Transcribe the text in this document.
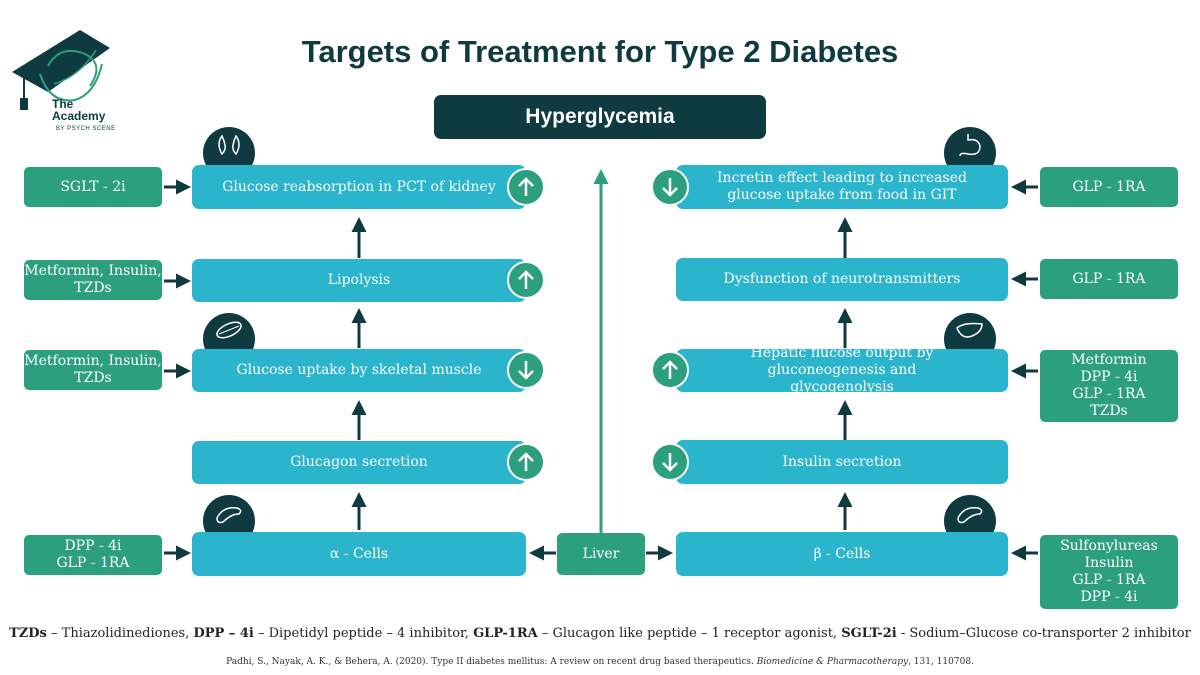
The
Academy
BY PSYCH SCENE
Targets of Treatment for Type 2 Diabetes
Hyperglycemia
Glucose reabsorption in PCT of kidney
Lipolysis
Glucose uptake by skeletal muscle
Glucagon secretion
α - Cells
Incretin effect leading to increased glucose uptake from food in GIT
Dysfunction of neurotransmitters
Hepatic flucose output by gluconeogenesis and glycogenolysis
Insulin secretion
β - Cells
Liver
SGLT - 2i
Metformin, Insulin, TZDs
Metformin, Insulin, TZDs
DPP - 4i
GLP - 1RA
GLP - 1RA
GLP - 1RA
Metformin
DPP - 4i
GLP - 1RA
TZDs
Sulfonylureas
Insulin
GLP - 1RA
DPP - 4i
TZDs – Thiazolidinediones, DPP – 4i – Dipetidyl peptide – 4 inhibitor, GLP-1RA – Glucagon like peptide – 1 receptor agonist, SGLT-2i - Sodium–Glucose co-transporter 2 inhibitor
Padhi, S., Nayak, A. K., & Behera, A. (2020). Type II diabetes mellitus: A review on recent drug based therapeutics. Biomedicine & Pharmacotherapy, 131, 110708.
